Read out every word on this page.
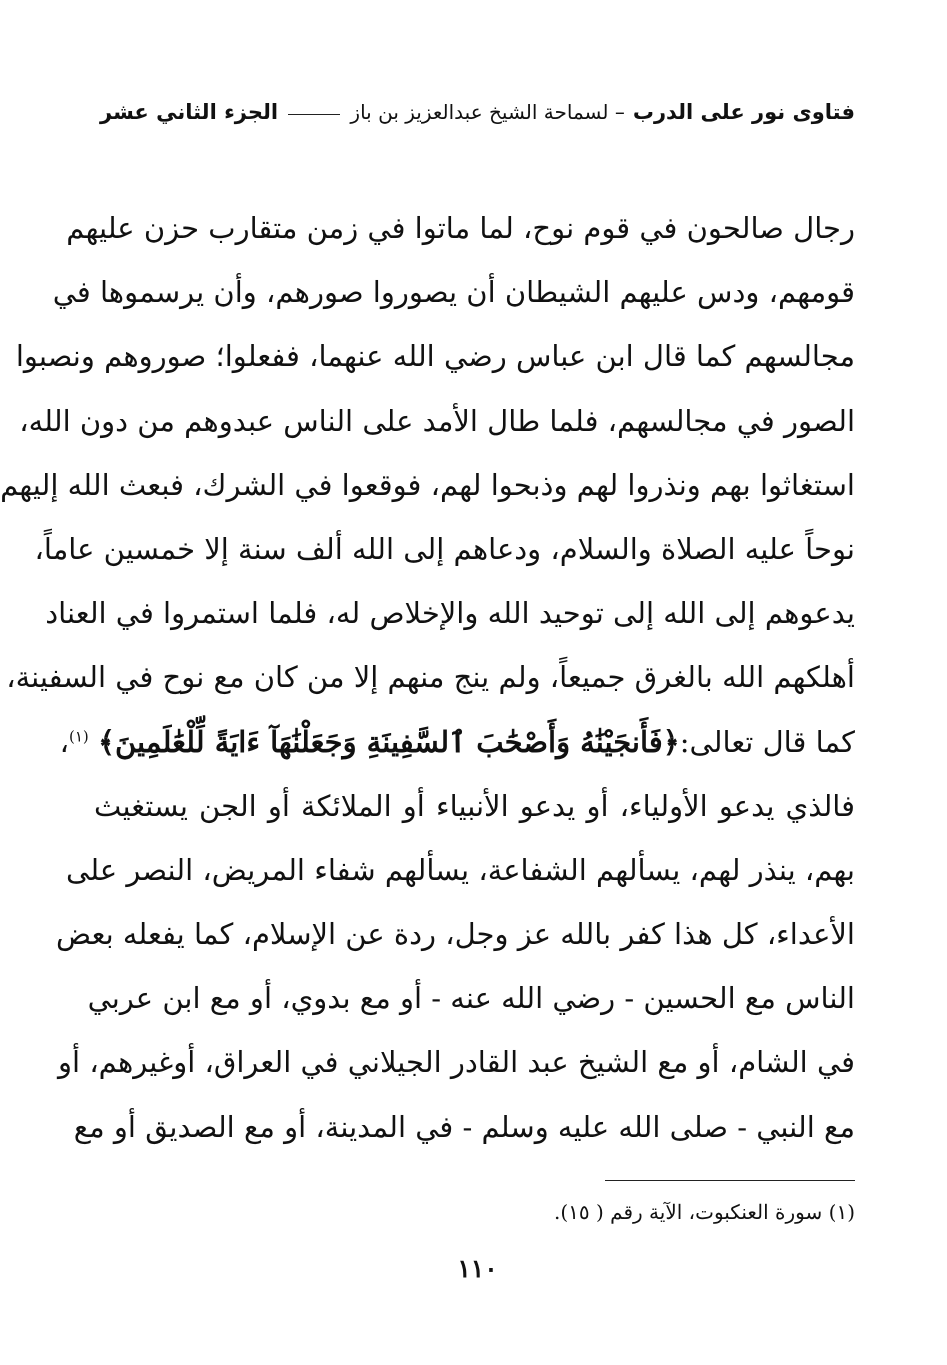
فتاوى نور على الدرب
– لسماحة الشيخ عبدالعزيز بن باز
الجزء الثاني عشر
رجال صالحون في قوم نوح، لما ماتوا في زمن متقارب حزن عليهم
قومهم، ودس عليهم الشيطان أن يصوروا صورهم، وأن يرسموها في
مجالسهم كما قال ابن عباس رضي الله عنهما، ففعلوا؛ صوروهم ونصبوا
الصور في مجالسهم، فلما طال الأمد على الناس عبدوهم من دون الله،
استغاثوا بهم ونذروا لهم وذبحوا لهم، فوقعوا في الشرك، فبعث الله إليهم
نوحاً عليه الصلاة والسلام، ودعاهم إلى الله ألف سنة إلا خمسين عاماً،
يدعوهم إلى الله إلى توحيد الله والإخلاص له، فلما استمروا في العناد
أهلكهم الله بالغرق جميعاً، ولم ينج منهم إلا من كان مع نوح في السفينة،
كما قال تعالى:﴿فَأَنجَيْنَٰهُ وَأَصْحَٰبَ ٱلسَّفِينَةِ وَجَعَلْنَٰهَآ ءَايَةً لِّلْعَٰلَمِينَ﴾ $^{(١)}$،
فالذي يدعو الأولياء، أو يدعو الأنبياء أو الملائكة أو الجن يستغيث
بهم، ينذر لهم، يسألهم الشفاعة، يسألهم شفاء المريض، النصر على
الأعداء، كل هذا كفر بالله عز وجل، ردة عن الإسلام، كما يفعله بعض
الناس مع الحسين - رضي الله عنه - أو مع بدوي، أو مع ابن عربي
في الشام، أو مع الشيخ عبد القادر الجيلاني في العراق، أوغيرهم، أو
مع النبي - صلى الله عليه وسلم - في المدينة، أو مع الصديق أو مع
(١) سورة العنكبوت، الآية رقم ( ١٥).
١١٠
